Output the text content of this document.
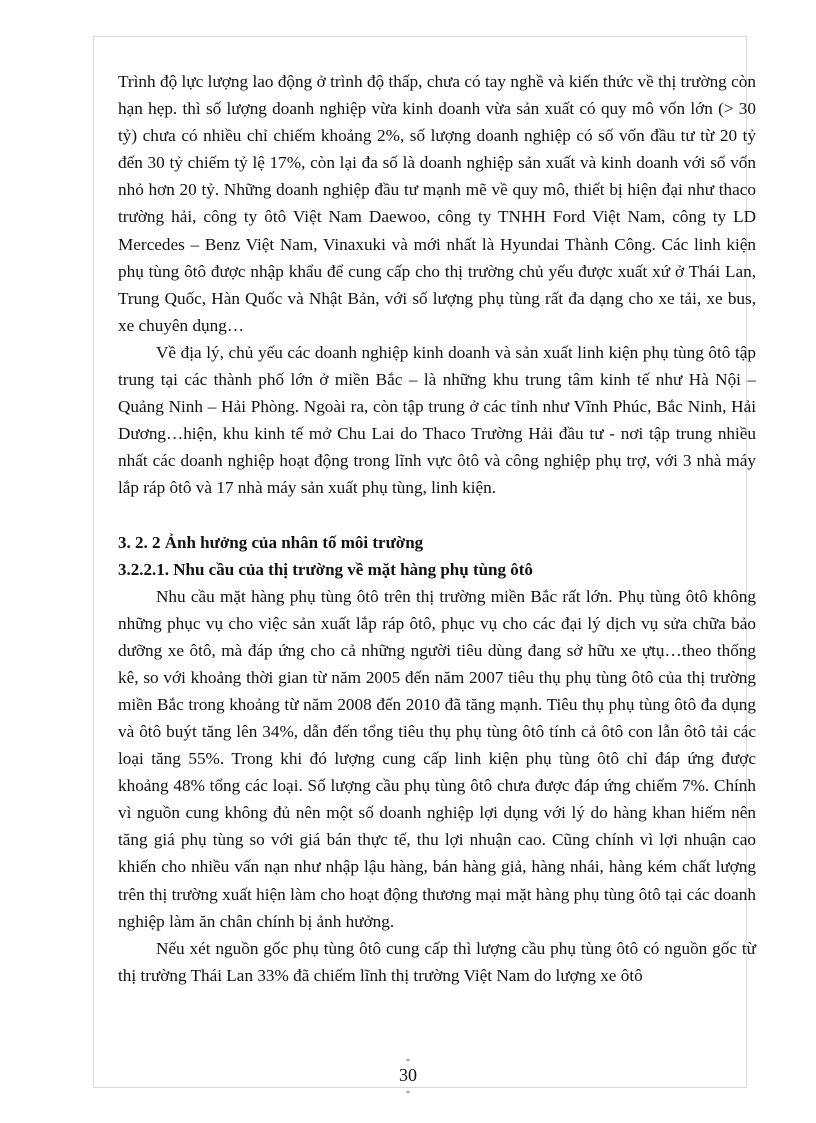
Trình độ lực lượng lao động ở trình độ thấp, chưa có tay nghề và kiến thức về thị trường còn hạn hẹp. thì số lượng doanh nghiệp vừa kinh doanh vừa sản xuất có quy mô vốn lớn (> 30 tỷ) chưa có nhiều chỉ chiếm khoảng 2%, số lượng doanh nghiệp có số vốn đầu tư từ 20 tỷ đến 30 tỷ chiếm tỷ lệ 17%, còn lại đa số là doanh nghiệp sản xuất và kinh doanh với số vốn nhỏ hơn 20 tỷ. Những doanh nghiệp đầu tư mạnh mẽ về quy mô, thiết bị hiện đại như thaco trường hải, công ty ôtô Việt Nam Daewoo, công ty TNHH Ford Việt Nam, công ty LD Mercedes – Benz Việt Nam, Vinaxuki và mới nhất là Hyundai Thành Công. Các linh kiện phụ tùng ôtô được nhập khẩu để cung cấp cho thị trường chủ yếu được xuất xứ ở Thái Lan, Trung Quốc, Hàn Quốc và Nhật Bản, với số lượng phụ tùng rất đa dạng cho xe tải, xe bus, xe chuyên dụng…

Về địa lý, chủ yếu các doanh nghiệp kinh doanh và sản xuất linh kiện phụ tùng ôtô tập trung tại các thành phố lớn ở miền Bắc – là những khu trung tâm kinh tế như Hà Nội – Quảng Ninh – Hải Phòng. Ngoài ra, còn tập trung ở các tỉnh như Vĩnh Phúc, Bắc Ninh, Hải Dương…hiện, khu kinh tế mở Chu Lai do Thaco Trường Hải đầu tư - nơi tập trung nhiều nhất các doanh nghiệp hoạt động trong lĩnh vực ôtô và công nghiệp phụ trợ, với 3 nhà máy lắp ráp ôtô và 17 nhà máy sản xuất phụ tùng, linh kiện.

3. 2. 2 Ảnh hưởng của nhân tố môi trường
3.2.2.1. Nhu cầu của thị trường về mặt hàng phụ tùng ôtô

Nhu cầu mặt hàng phụ tùng ôtô trên thị trường miền Bắc rất lớn. Phụ tùng ôtô không những phục vụ cho việc sản xuất lắp ráp ôtô, phục vụ cho các đại lý dịch vụ sửa chữa bảo dưỡng xe ôtô, mà đáp ứng cho cả những người tiêu dùng đang sở hữu xe ựtụ…theo thống kê, so với khoảng thời gian từ năm 2005 đến năm 2007 tiêu thụ phụ tùng ôtô của thị trường miền Bắc trong khoảng từ năm 2008 đến 2010 đã tăng mạnh. Tiêu thụ phụ tùng ôtô đa dụng và ôtô buýt tăng lên 34%, dẫn đến tổng tiêu thụ phụ tùng ôtô tính cả ôtô con lẫn ôtô tải các loại tăng 55%. Trong khi đó lượng cung cấp linh kiện phụ tùng ôtô chỉ đáp ứng được khoảng 48% tổng các loại. Số lượng cầu phụ tùng ôtô chưa được đáp ứng chiếm 7%. Chính vì nguồn cung không đủ nên một số doanh nghiệp lợi dụng với lý do hàng khan hiếm nên tăng giá phụ tùng so với giá bán thực tế, thu lợi nhuận cao. Cũng chính vì lợi nhuận cao khiến cho nhiều vấn nạn như nhập lậu hàng, bán hàng giả, hàng nhái, hàng kém chất lượng trên thị trường xuất hiện làm cho hoạt động thương mại mặt hàng phụ tùng ôtô tại các doanh nghiệp làm ăn chân chính bị ảnh hưởng.

Nếu xét nguồn gốc phụ tùng ôtô cung cấp thì lượng cầu phụ tùng ôtô có nguồn gốc từ thị trường Thái Lan 33% đã chiếm lĩnh thị trường Việt Nam do lượng xe ôtô

-
30
-
